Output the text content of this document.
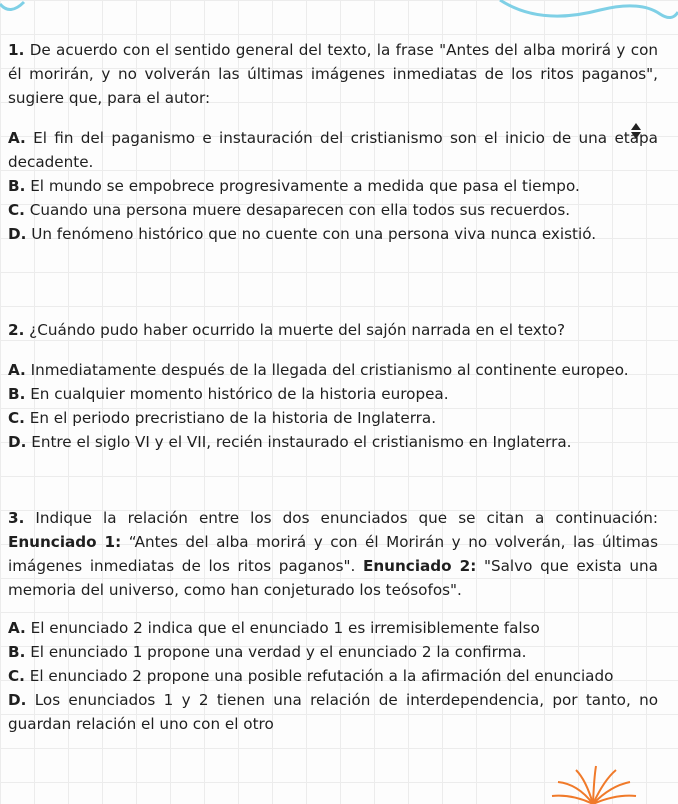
1. De acuerdo con el sentido general del texto, la frase "Antes del alba morirá y con él morirán, y no volverán las últimas imágenes inmediatas de los ritos paganos", sugiere que, para el autor:

A. El fin del paganismo e instauración del cristianismo son el inicio de una etapa decadente.

B. El mundo se empobrece progresivamente a medida que pasa el tiempo.

C. Cuando una persona muere desaparecen con ella todos sus recuerdos.

D. Un fenómeno histórico que no cuente con una persona viva nunca existió.

2. ¿Cuándo pudo haber ocurrido la muerte del sajón narrada en el texto?

A. Inmediatamente después de la llegada del cristianismo al continente europeo.

B. En cualquier momento histórico de la historia europea.

C. En el periodo precristiano de la historia de Inglaterra.

D. Entre el siglo VI y el VII, recién instaurado el cristianismo en Inglaterra.

3. Indique la relación entre los dos enunciados que se citan a continuación: Enunciado 1: “Antes del alba morirá y con él Morirán y no volverán, las últimas imágenes inmediatas de los ritos paganos". Enunciado 2: "Salvo que exista una memoria del universo, como han conjeturado los teósofos".

A. El enunciado 2 indica que el enunciado 1 es irremisiblemente falso

B. El enunciado 1 propone una verdad y el enunciado 2 la confirma.

C. El enunciado 2 propone una posible refutación a la afirmación del enunciado

D. Los enunciados 1 y 2 tienen una relación de interdependencia, por tanto, no guardan relación el uno con el otro
